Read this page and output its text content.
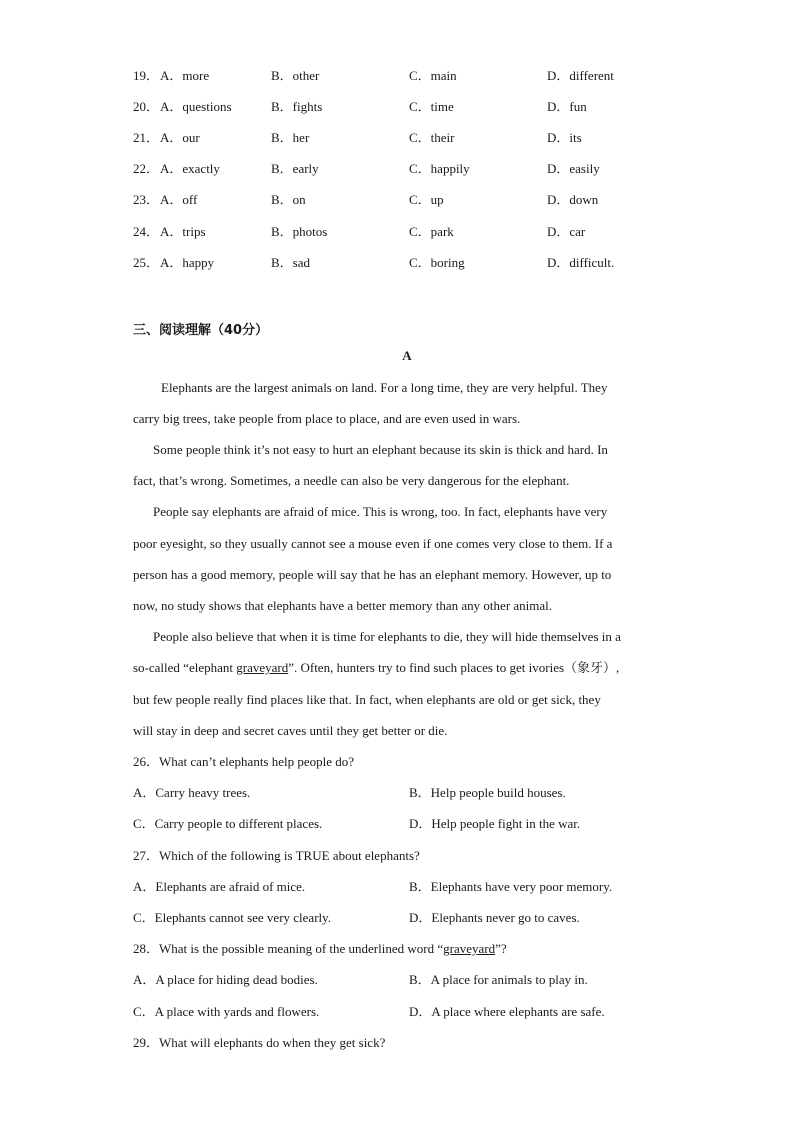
19． A．more	B．other	C．main	D．different
20． A．questions	B．fights	C．time	D．fun
21． A．our	B．her	C．their	D．its
22． A．exactly	B．early	C．happily	D．easily
23． A．off	B．on	C．up	D．down
24． A．trips	B．photos	C．park	D．car
25． A．happy	B．sad	C．boring	D．difficult.
三、阅读理解（40分）
A
Elephants are the largest animals on land. For a long time, they are very helpful. They
carry big trees, take people from place to place, and are even used in wars.
Some people think it’s not easy to hurt an elephant because its skin is thick and hard. In
fact, that’s wrong. Sometimes, a needle can also be very dangerous for the elephant.
People say elephants are afraid of mice. This is wrong, too. In fact, elephants have very
poor eyesight, so they usually cannot see a mouse even if one comes very close to them. If a
person has a good memory, people will say that he has an elephant memory. However, up to
now, no study shows that elephants have a better memory than any other animal.
People also believe that when it is time for elephants to die, they will hide themselves in a
so-called “elephant graveyard”. Often, hunters try to find such places to get ivories（象牙）,
but few people really find places like that. In fact, when elephants are old or get sick, they
will stay in deep and secret caves until they get better or die.
26．What can’t elephants help people do?
A．Carry heavy trees.	B．Help people build houses.
C．Carry people to different places.	D．Help people fight in the war.
27．Which of the following is TRUE about elephants?
A．Elephants are afraid of mice.	B．Elephants have very poor memory.
C．Elephants cannot see very clearly.	D．Elephants never go to caves.
28．What is the possible meaning of the underlined word “graveyard”?
A．A place for hiding dead bodies.	B．A place for animals to play in.
C．A place with yards and flowers.	D．A place where elephants are safe.
29．What will elephants do when they get sick?
